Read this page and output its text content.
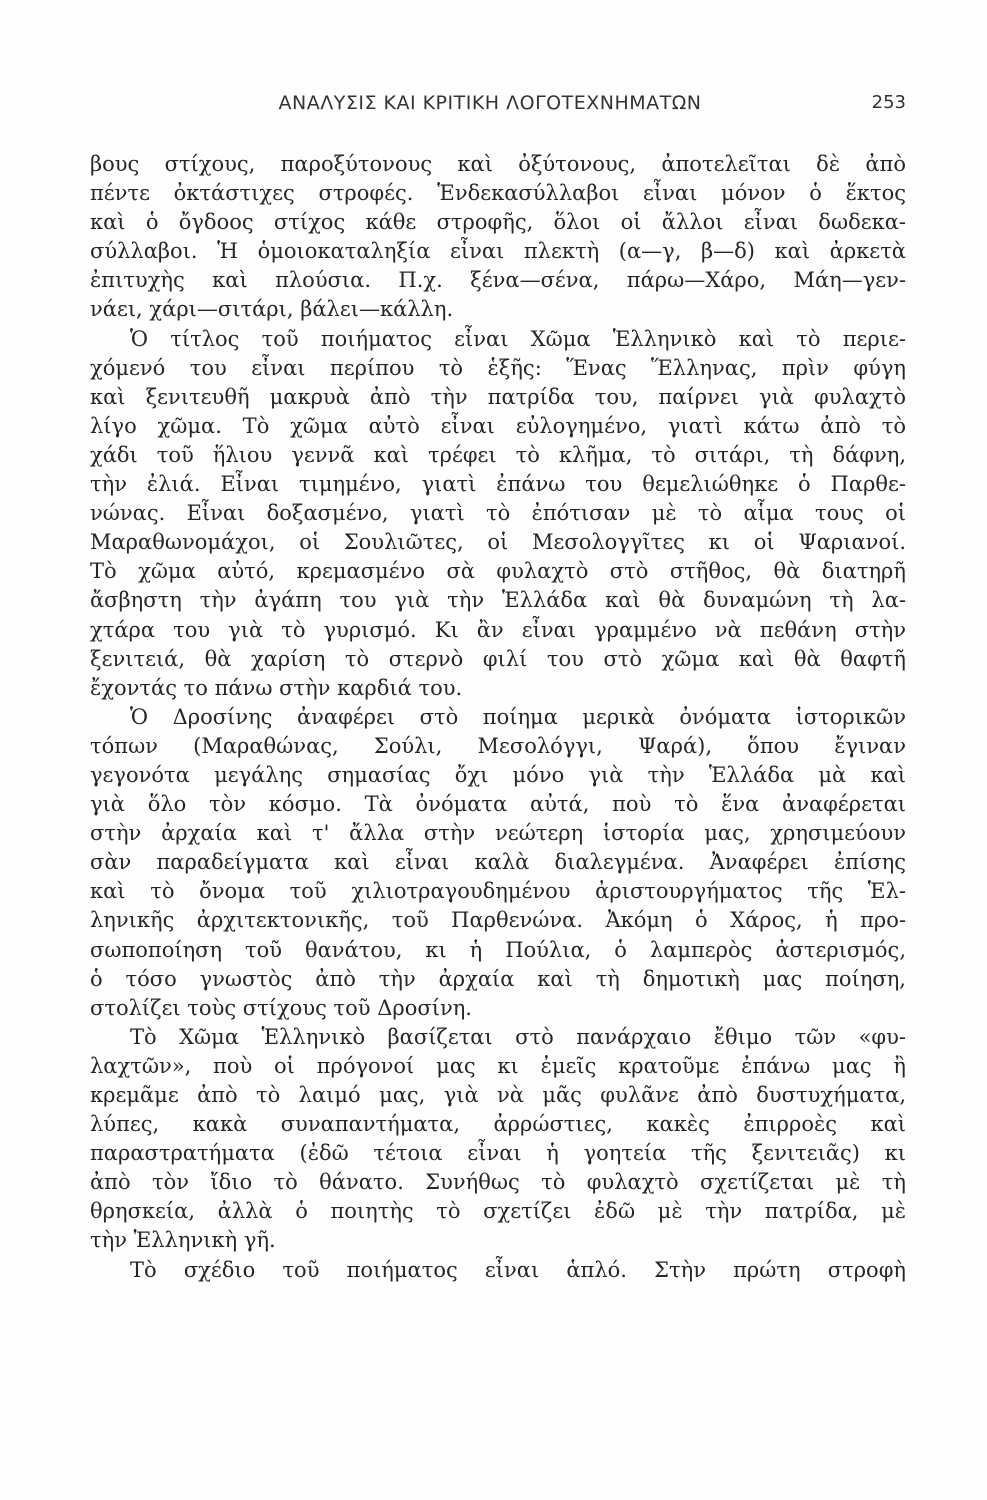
ΑΝΑΛΥΣΙΣ ΚΑΙ ΚΡΙΤΙΚΗ ΛΟΓΟΤΕΧΝΗΜΑΤΩΝ	253
βους στίχους, παροξύτονους καὶ ὀξύτονους, ἀποτελεῖται δὲ ἀπὸ
πέντε ὀκτάστιχες στροφές. Ἑνδεκασύλλαβοι εἶναι μόνον ὁ ἕκτος
καὶ ὁ ὄγδοος στίχος κάθε στροφῆς, ὅλοι οἱ ἄλλοι εἶναι δωδεκα-
σύλλαβοι. Ἡ ὁμοιοκαταληξία εἶναι πλεκτὴ (α—γ, β—δ) καὶ ἀρκετὰ
ἐπιτυχὴς καὶ πλούσια. Π.χ. ξένα—σένα, πάρω—Χάρο, Μάη—γεν-
νάει, χάρι—σιτάρι, βάλει—κάλλη.
Ὁ τίτλος τοῦ ποιήματος εἶναι Χῶμα Ἑλληνικὸ καὶ τὸ περιε-
χόμενό του εἶναι περίπου τὸ ἑξῆς: Ἕνας Ἕλληνας, πρὶν φύγη
καὶ ξενιτευθῆ μακρυὰ ἀπὸ τὴν πατρίδα του, παίρνει γιὰ φυλαχτὸ
λίγο χῶμα. Τὸ χῶμα αὐτὸ εἶναι εὐλογημένο, γιατὶ κάτω ἀπὸ τὸ
χάδι τοῦ ἥλιου γεννᾶ καὶ τρέφει τὸ κλῆμα, τὸ σιτάρι, τὴ δάφνη,
τὴν ἐλιά. Εἶναι τιμημένο, γιατὶ ἐπάνω του θεμελιώθηκε ὁ Παρθε-
νώνας. Εἶναι δοξασμένο, γιατὶ τὸ ἐπότισαν μὲ τὸ αἷμα τους οἱ
Μαραθωνομάχοι, οἱ Σουλιῶτες, οἱ Μεσολογγῖτες κι οἱ Ψαριανοί.
Τὸ χῶμα αὐτό, κρεμασμένο σὰ φυλαχτὸ στὸ στῆθος, θὰ διατηρῆ
ἄσβηστη τὴν ἀγάπη του γιὰ τὴν Ἑλλάδα καὶ θὰ δυναμώνη τὴ λα-
χτάρα του γιὰ τὸ γυρισμό. Κι ἂν εἶναι γραμμένο νὰ πεθάνη στὴν
ξενιτειά, θὰ χαρίση τὸ στερνὸ φιλί του στὸ χῶμα καὶ θὰ θαφτῆ
ἔχοντάς το πάνω στὴν καρδιά του.
Ὁ Δροσίνης ἀναφέρει στὸ ποίημα μερικὰ ὀνόματα ἱστορικῶν
τόπων (Μαραθώνας, Σούλι, Μεσολόγγι, Ψαρά), ὅπου ἔγιναν
γεγονότα μεγάλης σημασίας ὄχι μόνο γιὰ τὴν Ἑλλάδα μὰ καὶ
γιὰ ὅλο τὸν κόσμο. Τὰ ὀνόματα αὐτά, ποὺ τὸ ἕνα ἀναφέρεται
στὴν ἀρχαία καὶ τ' ἄλλα στὴν νεώτερη ἱστορία μας, χρησιμεύουν
σὰν παραδείγματα καὶ εἶναι καλὰ διαλεγμένα. Ἀναφέρει ἐπίσης
καὶ τὸ ὄνομα τοῦ χιλιοτραγουδημένου ἀριστουργήματος τῆς Ἑλ-
ληνικῆς ἀρχιτεκτονικῆς, τοῦ Παρθενώνα. Ἀκόμη ὁ Χάρος, ἡ προ-
σωποποίηση τοῦ θανάτου, κι ἡ Πούλια, ὁ λαμπερὸς ἀστερισμός,
ὁ τόσο γνωστὸς ἀπὸ τὴν ἀρχαία καὶ τὴ δημοτικὴ μας ποίηση,
στολίζει τοὺς στίχους τοῦ Δροσίνη.
Τὸ Χῶμα Ἑλληνικὸ βασίζεται στὸ πανάρχαιο ἔθιμο τῶν «φυ-
λαχτῶν», ποὺ οἱ πρόγονοί μας κι ἐμεῖς κρατοῦμε ἐπάνω μας ἢ
κρεμᾶμε ἀπὸ τὸ λαιμό μας, γιὰ νὰ μᾶς φυλᾶνε ἀπὸ δυστυχήματα,
λύπες, κακὰ συναπαντήματα, ἀρρώστιες, κακὲς ἐπιρροὲς καὶ
παραστρατήματα (ἐδῶ τέτοια εἶναι ἡ γοητεία τῆς ξενιτειᾶς) κι
ἀπὸ τὸν ἴδιο τὸ θάνατο. Συνήθως τὸ φυλαχτὸ σχετίζεται μὲ τὴ
θρησκεία, ἀλλὰ ὁ ποιητὴς τὸ σχετίζει ἐδῶ μὲ τὴν πατρίδα, μὲ
τὴν Ἑλληνικὴ γῆ.
Τὸ σχέδιο τοῦ ποιήματος εἶναι ἁπλό. Στὴν πρώτη στροφὴ
